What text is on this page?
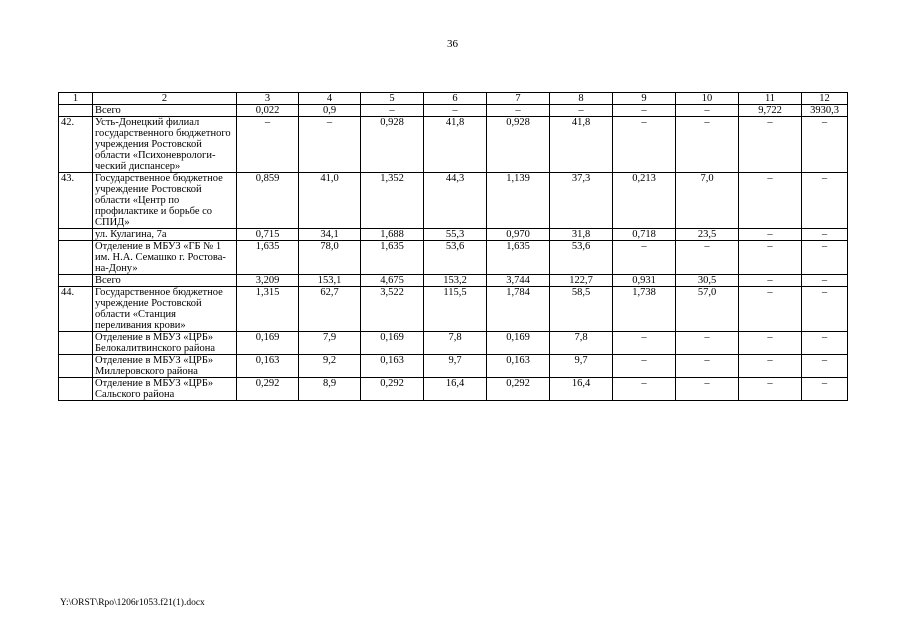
36
1	2	3	4	5	6	7	8	9	10	11	12
	Всего	0,022	0,9	–	–	–	–	–	–	9,722	3930,3
42.	Усть-Донецкий филиал государственного бюджетного учреждения Ростовской области «Психоневрологический диспансер»	–	–	0,928	41,8	0,928	41,8	–	–	–	–
43.	Государственное бюджетное учреждение Ростовской области «Центр по профилактике и борьбе со СПИД»	0,859	41,0	1,352	44,3	1,139	37,3	0,213	7,0	–	–
	ул. Кулагина, 7а	0,715	34,1	1,688	55,3	0,970	31,8	0,718	23,5	–	–
	Отделение в МБУЗ «ГБ № 1 им. Н.А. Семашко г. Ростова-на-Дону»	1,635	78,0	1,635	53,6	1,635	53,6	–	–	–	–
	Всего	3,209	153,1	4,675	153,2	3,744	122,7	0,931	30,5	–	–
44.	Государственное бюджетное учреждение Ростовской области «Станция переливания крови»	1,315	62,7	3,522	115,5	1,784	58,5	1,738	57,0	–	–
	Отделение в МБУЗ «ЦРБ» Белокалитвинского района	0,169	7,9	0,169	7,8	0,169	7,8	–	–	–	–
	Отделение в МБУЗ «ЦРБ» Миллеровского района	0,163	9,2	0,163	9,7	0,163	9,7	–	–	–	–
	Отделение в МБУЗ «ЦРБ» Сальского района	0,292	8,9	0,292	16,4	0,292	16,4	–	–	–	–
Y:\ORST\Rpo\1206r1053.f21(1).docx
